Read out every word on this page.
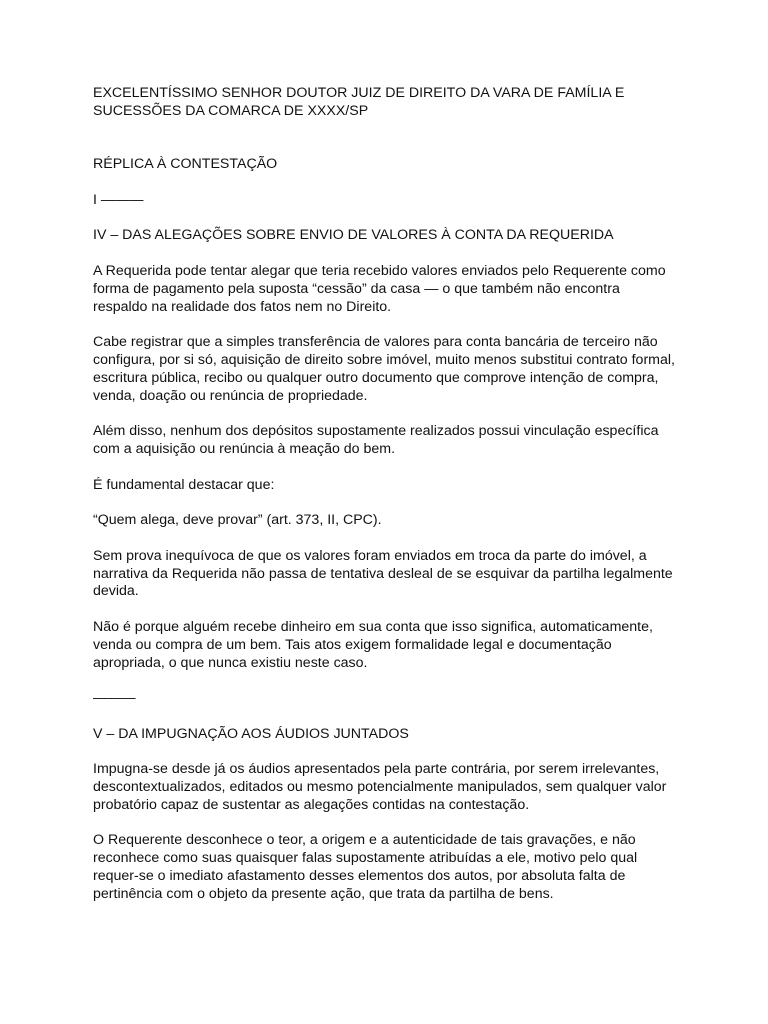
EXCELENTÍSSIMO SENHOR DOUTOR JUIZ DE DIREITO DA VARA DE FAMÍLIA E
SUCESSÕES DA COMARCA DE XXXX/SP

RÉPLICA À CONTESTAÇÃO

I ———

IV – DAS ALEGAÇÕES SOBRE ENVIO DE VALORES À CONTA DA REQUERIDA

A Requerida pode tentar alegar que teria recebido valores enviados pelo Requerente como
forma de pagamento pela suposta “cessão” da casa — o que também não encontra
respaldo na realidade dos fatos nem no Direito.

Cabe registrar que a simples transferência de valores para conta bancária de terceiro não
configura, por si só, aquisição de direito sobre imóvel, muito menos substitui contrato formal,
escritura pública, recibo ou qualquer outro documento que comprove intenção de compra,
venda, doação ou renúncia de propriedade.

Além disso, nenhum dos depósitos supostamente realizados possui vinculação específica
com a aquisição ou renúncia à meação do bem.

É fundamental destacar que:

“Quem alega, deve provar” (art. 373, II, CPC).

Sem prova inequívoca de que os valores foram enviados em troca da parte do imóvel, a
narrativa da Requerida não passa de tentativa desleal de se esquivar da partilha legalmente
devida.

Não é porque alguém recebe dinheiro em sua conta que isso significa, automaticamente,
venda ou compra de um bem. Tais atos exigem formalidade legal e documentação
apropriada, o que nunca existiu neste caso.

———

V – DA IMPUGNAÇÃO AOS ÁUDIOS JUNTADOS

Impugna-se desde já os áudios apresentados pela parte contrária, por serem irrelevantes,
descontextualizados, editados ou mesmo potencialmente manipulados, sem qualquer valor
probatório capaz de sustentar as alegações contidas na contestação.

O Requerente desconhece o teor, a origem e a autenticidade de tais gravações, e não
reconhece como suas quaisquer falas supostamente atribuídas a ele, motivo pelo qual
requer-se o imediato afastamento desses elementos dos autos, por absoluta falta de
pertinência com o objeto da presente ação, que trata da partilha de bens.
